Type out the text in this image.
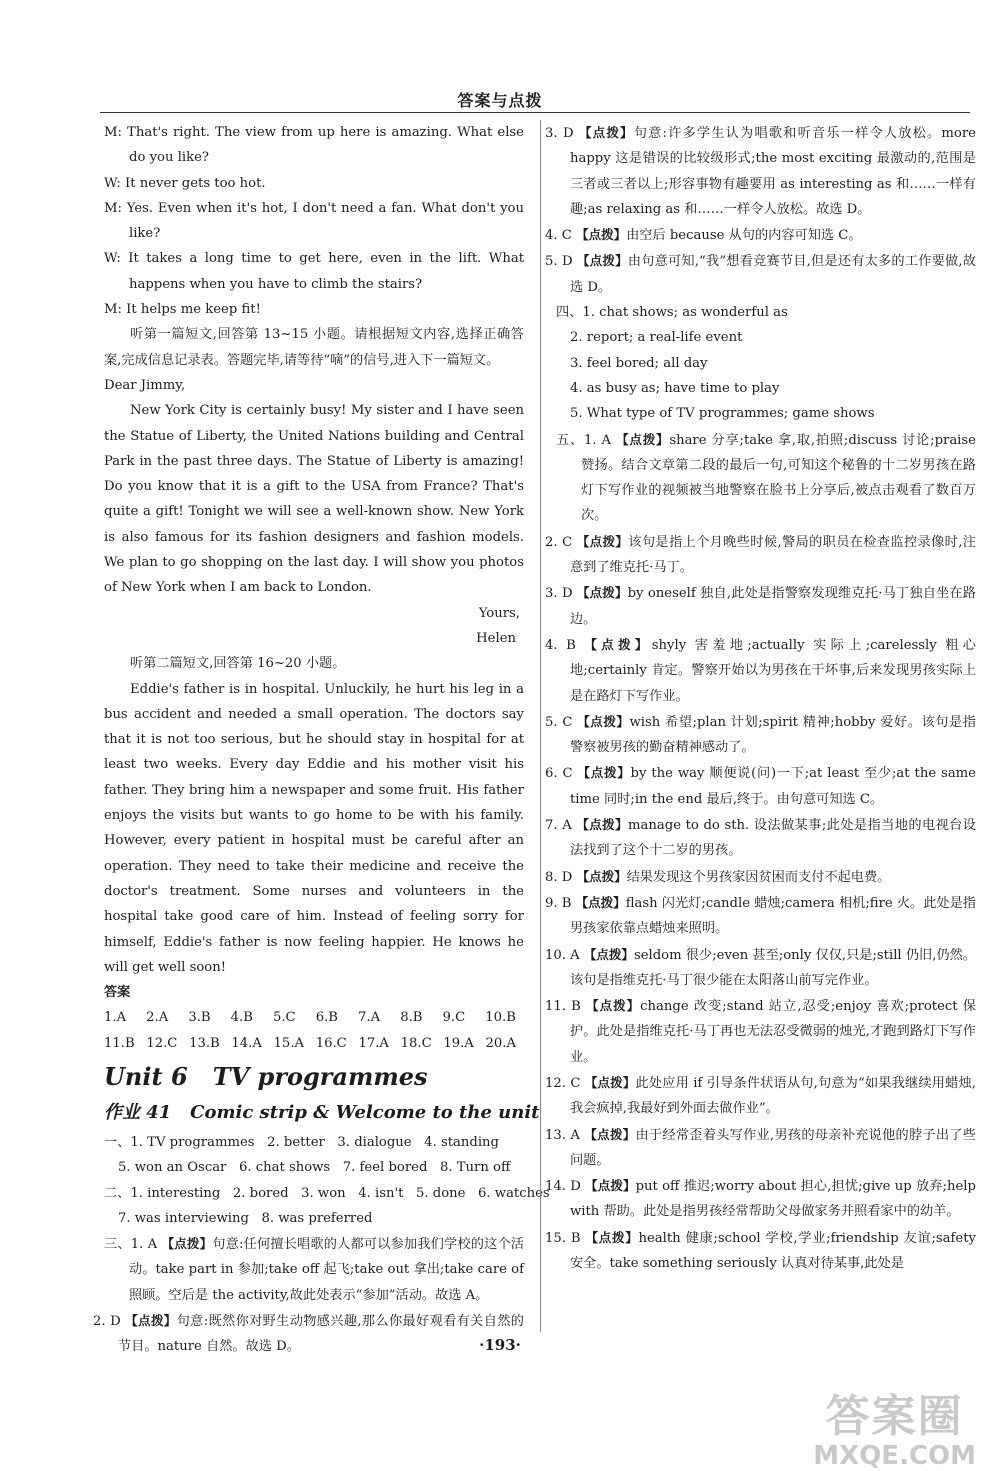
答案与点拨

M: That's right. The view from up here is amazing. What else do you like?

W: It never gets too hot.

M: Yes. Even when it's hot, I don't need a fan. What don't you like?

W: It takes a long time to get here, even in the lift. What happens when you have to climb the stairs?

M: It helps me keep fit!

听第一篇短文,回答第 13~15 小题。请根据短文内容,选择正确答案,完成信息记录表。答题完毕,请等待“嘀”的信号,进入下一篇短文。

Dear Jimmy,

New York City is certainly busy! My sister and I have seen the Statue of Liberty, the United Nations building and Central Park in the past three days. The Statue of Liberty is amazing! Do you know that it is a gift to the USA from France? That's quite a gift! Tonight we will see a well-known show. New York is also famous for its fashion designers and fashion models. We plan to go shopping on the last day. I will show you photos of New York when I am back to London.

Yours,

Helen

听第二篇短文,回答第 16~20 小题。

Eddie's father is in hospital. Unluckily, he hurt his leg in a bus accident and needed a small operation. The doctors say that it is not too serious, but he should stay in hospital for at least two weeks. Every day Eddie and his mother visit his father. They bring him a newspaper and some fruit. His father enjoys the visits but wants to go home to be with his family. However, every patient in hospital must be careful after an operation. They need to take their medicine and receive the doctor's treatment. Some nurses and volunteers in the hospital take good care of him. Instead of feeling sorry for himself, Eddie's father is now feeling happier. He knows he will get well soon!

答案

1.A 2.A 3.B 4.B 5.C 6.B 7.A 8.B 9.C 10.B
11.B 12.C 13.B 14.A 15.A 16.C 17.A 18.C 19.A 20.A
Unit 6   TV programmes
作业 41   Comic strip & Welcome to the unit

一、1. TV programmes   2. better   3. dialogue   4. standing

5. won an Oscar   6. chat shows   7. feel bored   8. Turn off

二、1. interesting   2. bored   3. won   4. isn't   5. done   6. watches

7. was interviewing   8. was preferred

三、1. A 【点拨】句意:任何擅长唱歌的人都可以参加我们学校的这个活动。take part in 参加;take off 起飞;take out 拿出;take care of 照顾。空后是 the activity,故此处表示“参加”活动。故选 A。

2. D 【点拨】句意:既然你对野生动物感兴趣,那么你最好观看有关自然的节目。nature 自然。故选 D。

3. D 【点拨】句意:许多学生认为唱歌和听音乐一样令人放松。more happy 这是错误的比较级形式;the most exciting 最激动的,范围是三者或三者以上;形容事物有趣要用 as interesting as 和……一样有趣;as relaxing as 和……一样令人放松。故选 D。

4. C 【点拨】由空后 because 从句的内容可知选 C。

5. D 【点拨】由句意可知,“我”想看竞赛节目,但是还有太多的工作要做,故选 D。

四、1. chat shows; as wonderful as

2. report; a real-life event

3. feel bored; all day

4. as busy as; have time to play

5. What type of TV programmes; game shows

五、1. A 【点拨】share 分享;take 拿,取,拍照;discuss 讨论;praise 赞扬。结合文章第二段的最后一句,可知这个秘鲁的十二岁男孩在路灯下写作业的视频被当地警察在脸书上分享后,被点击观看了数百万次。

2. C 【点拨】该句是指上个月晚些时候,警局的职员在检查监控录像时,注意到了维克托·马丁。

3. D 【点拨】by oneself 独自,此处是指警察发现维克托·马丁独自坐在路边。

4. B 【点拨】shyly 害羞地;actually 实际上;carelessly 粗心地;certainly 肯定。警察开始以为男孩在干坏事,后来发现男孩实际上是在路灯下写作业。

5. C 【点拨】wish 希望;plan 计划;spirit 精神;hobby 爱好。该句是指警察被男孩的勤奋精神感动了。

6. C 【点拨】by the way 顺便说(问)一下;at least 至少;at the same time 同时;in the end 最后,终于。由句意可知选 C。

7. A 【点拨】manage to do sth. 设法做某事;此处是指当地的电视台设法找到了这个十二岁的男孩。

8. D 【点拨】结果发现这个男孩家因贫困而支付不起电费。

9. B 【点拨】flash 闪光灯;candle 蜡烛;camera 相机;fire 火。此处是指男孩家依靠点蜡烛来照明。

10. A 【点拨】seldom 很少;even 甚至;only 仅仅,只是;still 仍旧,仍然。该句是指维克托·马丁很少能在太阳落山前写完作业。

11. B 【点拨】change 改变;stand 站立,忍受;enjoy 喜欢;protect 保护。此处是指维克托·马丁再也无法忍受微弱的烛光,才跑到路灯下写作业。

12. C 【点拨】此处应用 if 引导条件状语从句,句意为“如果我继续用蜡烛,我会疯掉,我最好到外面去做作业”。

13. A 【点拨】由于经常歪着头写作业,男孩的母亲补充说他的脖子出了些问题。

14. D 【点拨】put off 推迟;worry about 担心,担忧;give up 放弃;help with 帮助。此处是指男孩经常帮助父母做家务并照看家中的幼羊。

15. B 【点拨】health 健康;school 学校,学业;friendship 友谊;safety 安全。take something seriously 认真对待某事,此处是

·193·
答案圈
MXQE.COM
